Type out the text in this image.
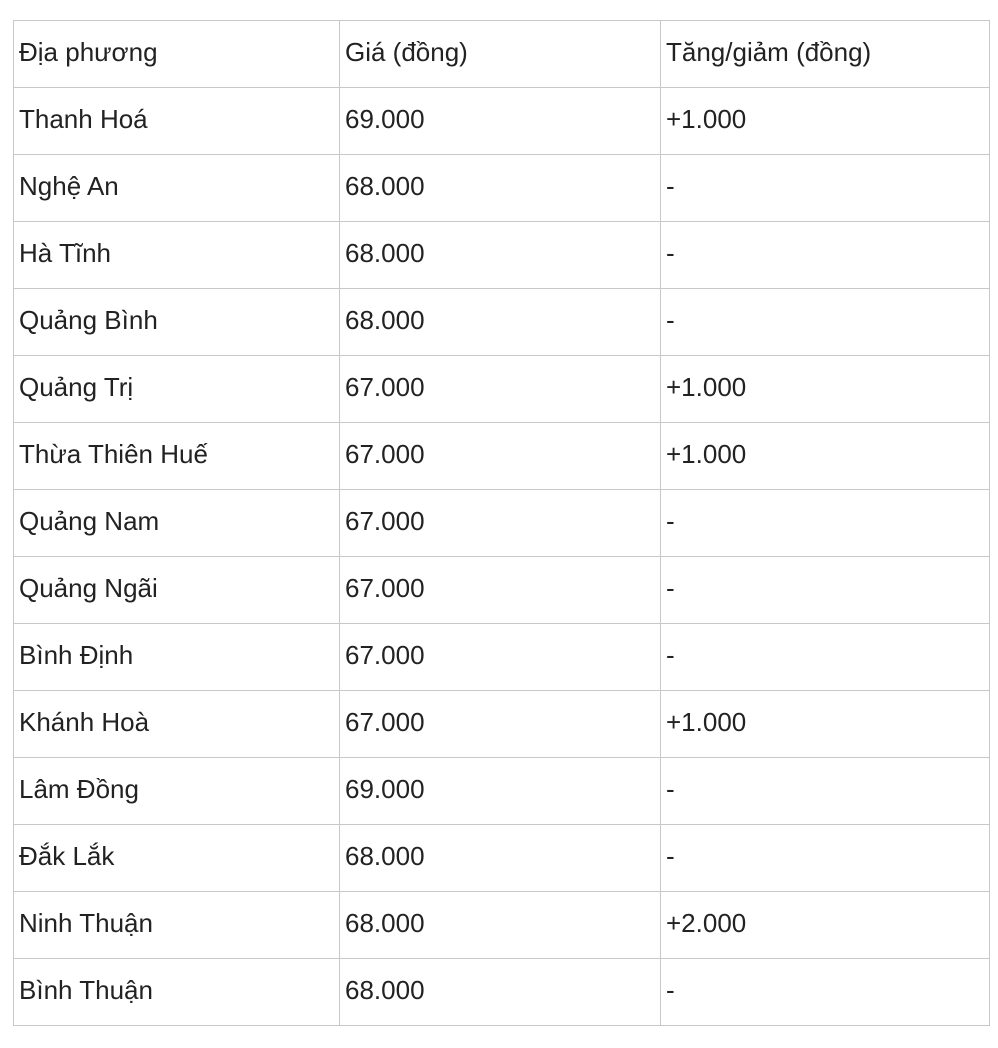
Địa phương	Giá (đồng)	Tăng/giảm (đồng)
Thanh Hoá	69.000	+1.000
Nghệ An	68.000	-
Hà Tĩnh	68.000	-
Quảng Bình	68.000	-
Quảng Trị	67.000	+1.000
Thừa Thiên Huế	67.000	+1.000
Quảng Nam	67.000	-
Quảng Ngãi	67.000	-
Bình Định	67.000	-
Khánh Hoà	67.000	+1.000
Lâm Đồng	69.000	-
Đắk Lắk	68.000	-
Ninh Thuận	68.000	+2.000
Bình Thuận	68.000	-
